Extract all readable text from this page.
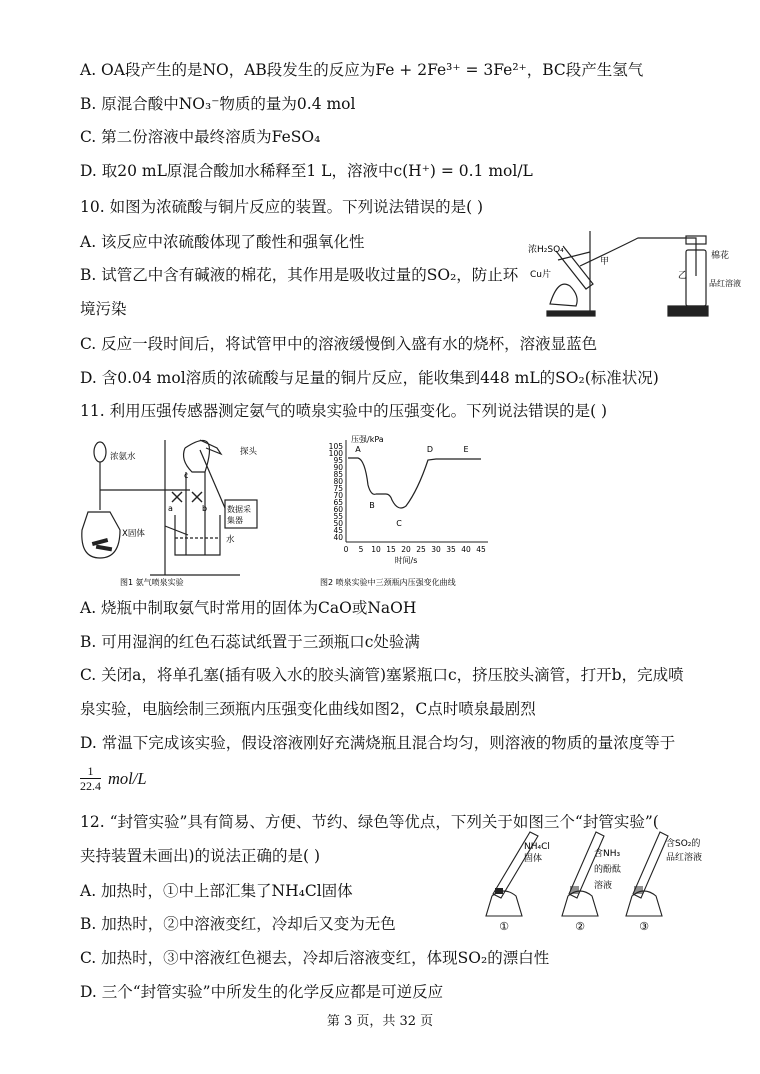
A. OA段产生的是NO，AB段发生的反应为Fe + 2Fe³⁺ = 3Fe²⁺，BC段产生氢气
B. 原混合酸中NO₃⁻物质的量为0.4 mol
C. 第二份溶液中最终溶质为FeSO₄
D. 取20 mL原混合酸加水稀释至1 L，溶液中c(H⁺) = 0.1 mol/L
10. 如图为浓硫酸与铜片反应的装置。下列说法错误的是( )
A. 该反应中浓硫酸体现了酸性和强氧化性
B. 试管乙中含有碱液的棉花，其作用是吸收过量的SO₂，防止环
境污染
C. 反应一段时间后，将试管甲中的溶液缓慢倒入盛有水的烧杯，溶液显蓝色
D. 含0.04 mol溶质的浓硫酸与足量的铜片反应，能收集到448 mL的SO₂(标准状况)
浓H₂SO₄
Cu片
甲
乙
棉花
品红溶液
11. 利用压强传感器测定氨气的喷泉实验中的压强变化。下列说法错误的是( )
浓氨水	探头
X固体
数据采
集器
水
c
a	b
图1 氨气喷泉实验
105
100
95
90
85
80
75
70
65
60
55
50
45
40
0 5 10 15 20 25 30 35 40 45
A
B
C
D	E
压强/kPa
时间/s
图2 喷泉实验中三颈瓶内压强变化曲线
A. 烧瓶中制取氨气时常用的固体为CaO或NaOH
B. 可用湿润的红色石蕊试纸置于三颈瓶口c处验满
C. 关闭a，将单孔塞(插有吸入水的胶头滴管)塞紧瓶口c，挤压胶头滴管，打开b，完成喷
泉实验，电脑绘制三颈瓶内压强变化曲线如图2，C点时喷泉最剧烈
D. 常温下完成该实验，假设溶液刚好充满烧瓶且混合均匀，则溶液的物质的量浓度等于
$\frac{1}{22.4} mol/L$
12. “封管实验”具有简易、方便、节约、绿色等优点，下列关于如图三个“封管实验”(
夹持装置未画出)的说法正确的是( )
A. 加热时，①中上部汇集了NH₄Cl固体
B. 加热时，②中溶液变红，冷却后又变为无色
C. 加热时，③中溶液红色褪去，冷却后溶液变红，体现SO₂的漂白性
D. 三个“封管实验”中所发生的化学反应都是可逆反应
NH₄Cl
固体	含NH₃
的酚酞
溶液
含SO₂的
品红溶液
①	②	③
第 3 页，共 32 页
